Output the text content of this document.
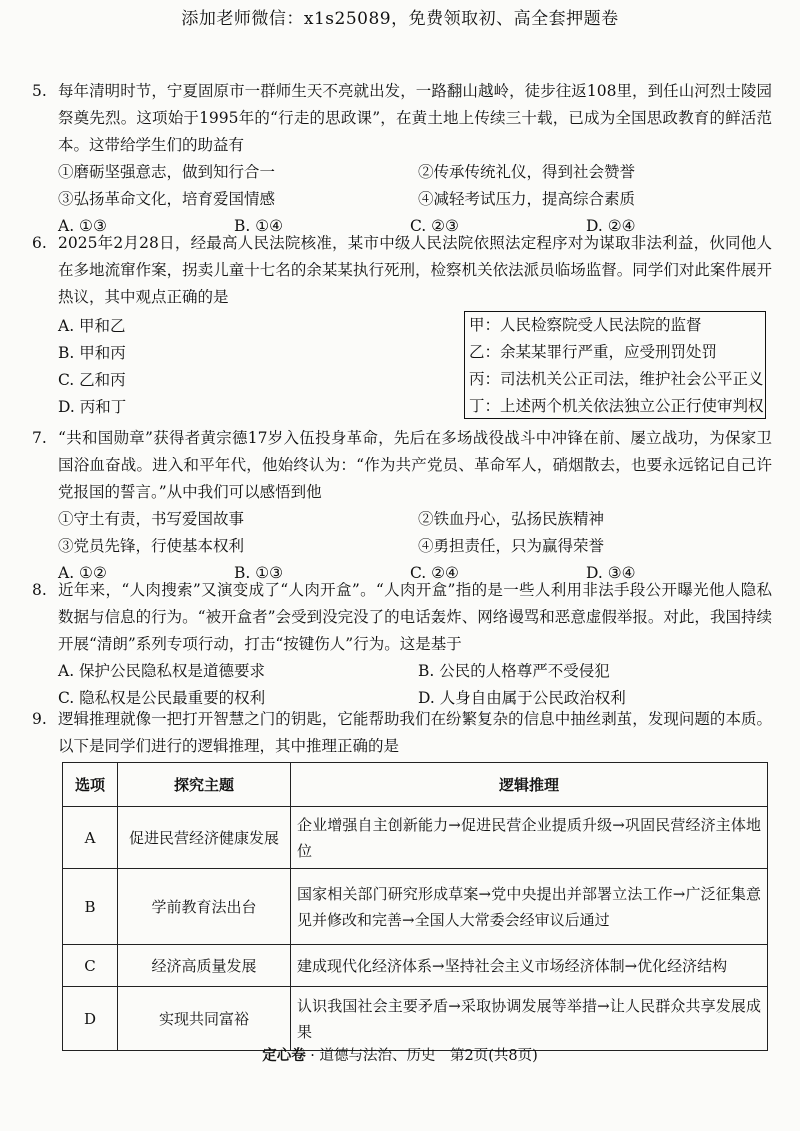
添加老师微信：x1s25089，免费领取初、高全套押题卷
5. 每年清明时节，宁夏固原市一群师生天不亮就出发，一路翻山越岭，徒步往返108里，到任山河烈士陵园祭奠先烈。这项始于1995年的“行走的思政课”，在黄土地上传续三十载，已成为全国思政教育的鲜活范本。这带给学生们的助益有
①磨砺坚强意志，做到知行合一	②传承传统礼仪，得到社会赞誉
③弘扬革命文化，培育爱国情感	④减轻考试压力，提高综合素质
A. ①③	B. ①④	C. ②③	D. ②④
6. 2025年2月28日，经最高人民法院核准，某市中级人民法院依照法定程序对为谋取非法利益，伙同他人在多地流窜作案，拐卖儿童十七名的余某某执行死刑，检察机关依法派员临场监督。同学们对此案件展开热议，其中观点正确的是
A. 甲和乙
B. 甲和丙
C. 乙和丙
D. 丙和丁
甲：人民检察院受人民法院的监督
乙：余某某罪行严重，应受刑罚处罚
丙：司法机关公正司法，维护社会公平正义
丁：上述两个机关依法独立公正行使审判权
7. “共和国勋章”获得者黄宗德17岁入伍投身革命，先后在多场战役战斗中冲锋在前、屡立战功，为保家卫国浴血奋战。进入和平年代，他始终认为：“作为共产党员、革命军人，硝烟散去，也要永远铭记自己许党报国的誓言。”从中我们可以感悟到他
①守土有责，书写爱国故事	②铁血丹心，弘扬民族精神
③党员先锋，行使基本权利	④勇担责任，只为赢得荣誉
A. ①②	B. ①③	C. ②④	D. ③④
8. 近年来，“人肉搜索”又演变成了“人肉开盒”。“人肉开盒”指的是一些人利用非法手段公开曝光他人隐私数据与信息的行为。“被开盒者”会受到没完没了的电话轰炸、网络谩骂和恶意虚假举报。对此，我国持续开展“清朗”系列专项行动，打击“按键伤人”行为。这是基于
A. 保护公民隐私权是道德要求	B. 公民的人格尊严不受侵犯
C. 隐私权是公民最重要的权利	D. 人身自由属于公民政治权利
9. 逻辑推理就像一把打开智慧之门的钥匙，它能帮助我们在纷繁复杂的信息中抽丝剥茧，发现问题的本质。以下是同学们进行的逻辑推理，其中推理正确的是
选项	探究主题	逻辑推理
A	促进民营经济健康发展	企业增强自主创新能力→促进民营企业提质升级→巩固民营经济主体地位
B	学前教育法出台	国家相关部门研究形成草案→党中央提出并部署立法工作→广泛征集意见并修改和完善→全国人大常委会经审议后通过
C	经济高质量发展	建成现代化经济体系→坚持社会主义市场经济体制→优化经济结构
D	实现共同富裕	认识我国社会主要矛盾→采取协调发展等举措→让人民群众共享发展成果
定心卷 · 道德与法治、历史　第2页(共8页)
